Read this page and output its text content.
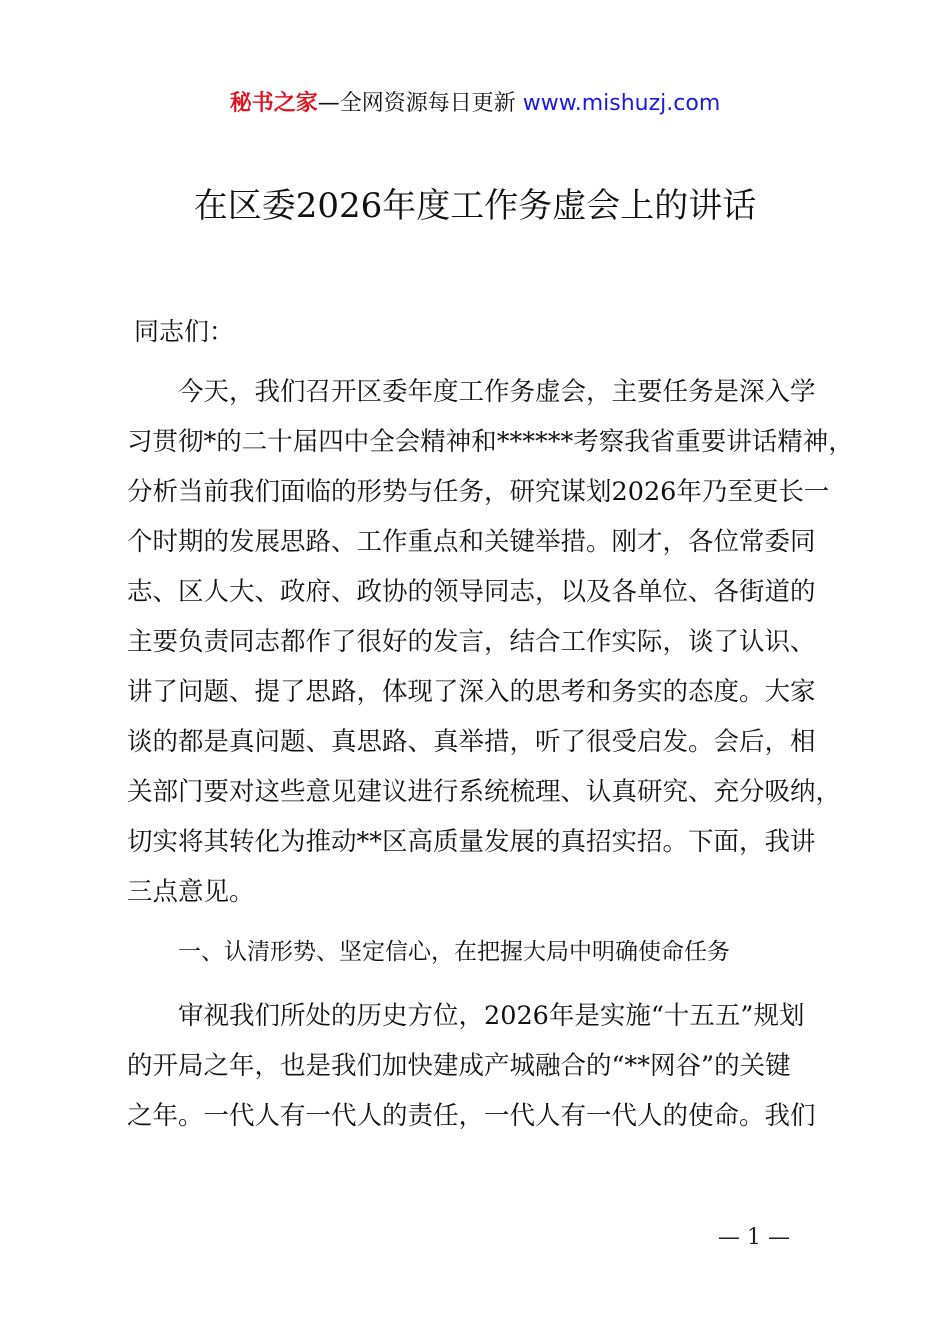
秘书之家—全网资源每日更新 www.mishuzj.com
在区委2026年度工作务虚会上的讲话
同志们：
今天，我们召开区委年度工作务虚会，主要任务是深入学
习贯彻*的二十届四中全会精神和******考察我省重要讲话精神，
分析当前我们面临的形势与任务，研究谋划2026年乃至更长一
个时期的发展思路、工作重点和关键举措。刚才，各位常委同
志、区人大、政府、政协的领导同志，以及各单位、各街道的
主要负责同志都作了很好的发言，结合工作实际，谈了认识、
讲了问题、提了思路，体现了深入的思考和务实的态度。大家
谈的都是真问题、真思路、真举措，听了很受启发。会后，相
关部门要对这些意见建议进行系统梳理、认真研究、充分吸纳，
切实将其转化为推动**区高质量发展的真招实招。下面，我讲
三点意见。
一、认清形势、坚定信心，在把握大局中明确使命任务
审视我们所处的历史方位，2026年是实施“十五五”规划
的开局之年，也是我们加快建成产城融合的“**网谷”的关键
之年。一代人有一代人的责任，一代人有一代人的使命。我们
— 1 —
